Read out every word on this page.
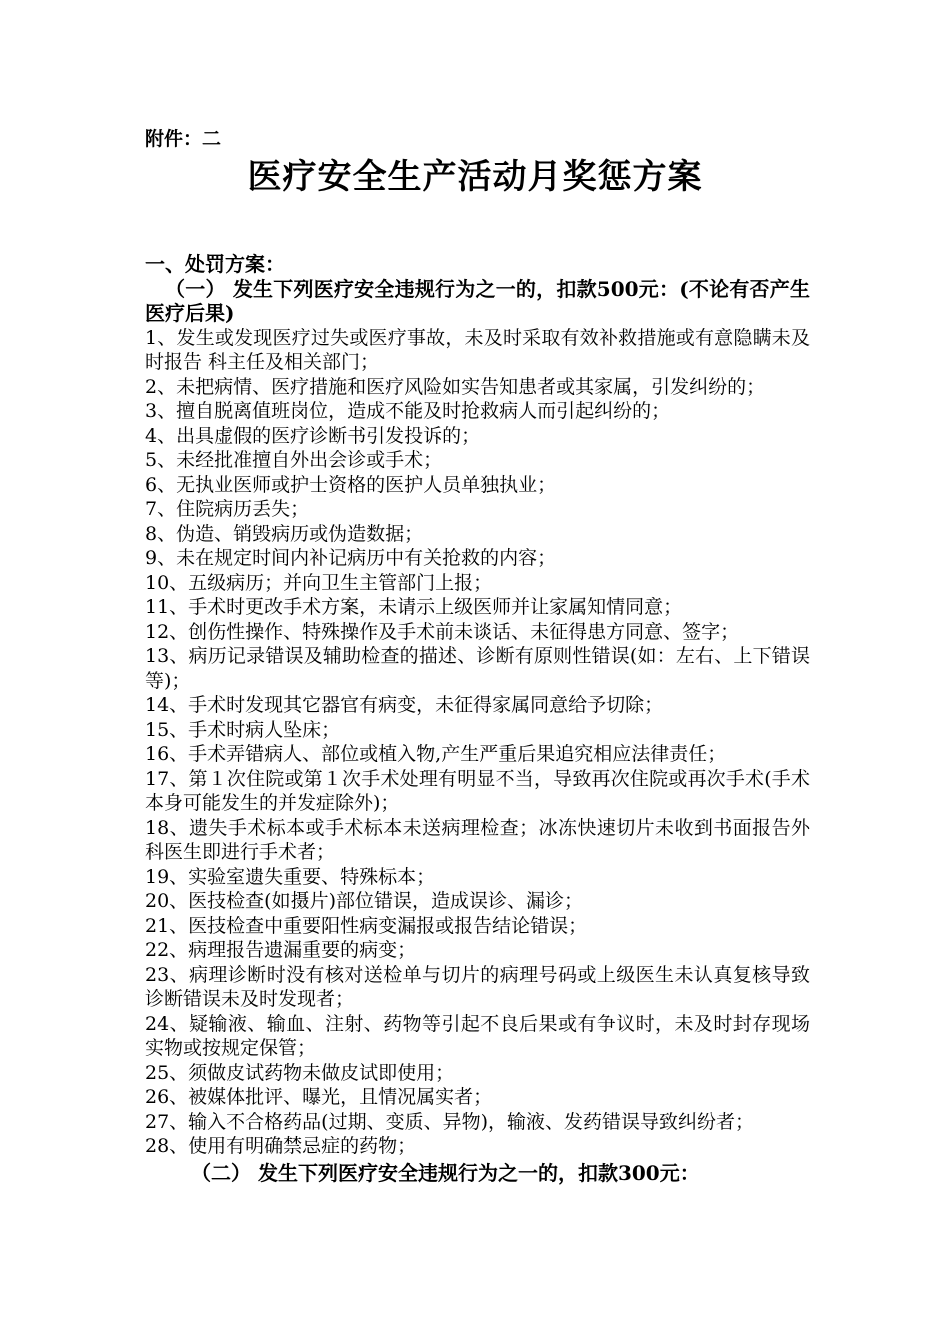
附件：二
医疗安全生产活动月奖惩方案
一、处罚方案：
（一） 发生下列医疗安全违规行为之一的，扣款500元：(不论有否产生医疗后果)
1、发生或发现医疗过失或医疗事故，未及时采取有效补救措施或有意隐瞒未及时报告 科主任及相关部门；
2、未把病情、医疗措施和医疗风险如实告知患者或其家属，引发纠纷的；
3、擅自脱离值班岗位，造成不能及时抢救病人而引起纠纷的；
4、出具虚假的医疗诊断书引发投诉的；
5、未经批准擅自外出会诊或手术；
6、无执业医师或护士资格的医护人员单独执业；
7、住院病历丢失；
8、伪造、销毁病历或伪造数据；
9、未在规定时间内补记病历中有关抢救的内容；
10、五级病历；并向卫生主管部门上报；
11、手术时更改手术方案，未请示上级医师并让家属知情同意；
12、创伤性操作、特殊操作及手术前未谈话、未征得患方同意、签字；
13、病历记录错误及辅助检查的描述、诊断有原则性错误(如：左右、上下错误等)；
14、手术时发现其它器官有病变，未征得家属同意给予切除；
15、手术时病人坠床；
16、手术弄错病人、部位或植入物,产生严重后果追究相应法律责任；
17、第１次住院或第１次手术处理有明显不当，导致再次住院或再次手术(手术本身可能发生的并发症除外)；
18、遗失手术标本或手术标本未送病理检查；冰冻快速切片未收到书面报告外科医生即进行手术者；
19、实验室遗失重要、特殊标本；
20、医技检查(如摄片)部位错误，造成误诊、漏诊；
21、医技检查中重要阳性病变漏报或报告结论错误；
22、病理报告遗漏重要的病变；
23、病理诊断时没有核对送检单与切片的病理号码或上级医生未认真复核导致诊断错误未及时发现者；
24、疑输液、输血、注射、药物等引起不良后果或有争议时，未及时封存现场实物或按规定保管；
25、须做皮试药物未做皮试即使用；
26、被媒体批评、曝光，且情况属实者；
27、输入不合格药品(过期、变质、异物)，输液、发药错误导致纠纷者；
28、使用有明确禁忌症的药物；
（二） 发生下列医疗安全违规行为之一的，扣款300元：
